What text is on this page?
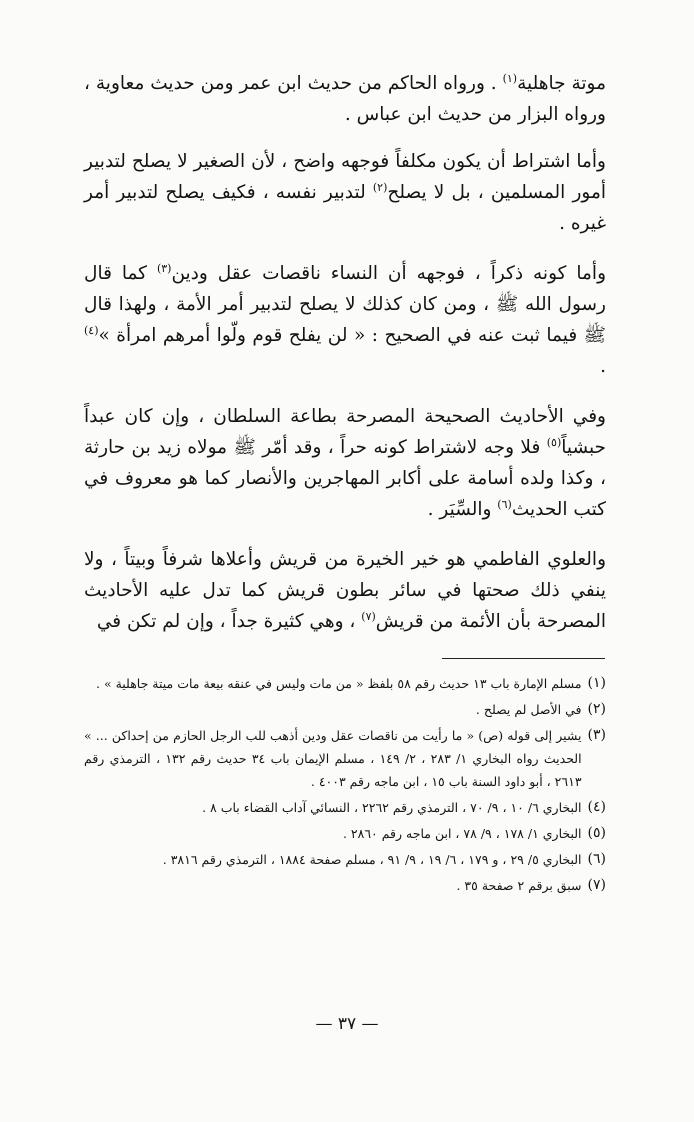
موتة جاهلية$^{(١)}$ . ورواه الحاكم من حديث ابن عمر ومن حديث معاوية ، ورواه البزار من حديث ابن عباس .

وأما اشتراط أن يكون مكلفاً فوجهه واضح ، لأن الصغير لا يصلح لتدبير أمور المسلمين ، بل لا يصلح$^{(٢)}$ لتدبير نفسه ، فكيف يصلح لتدبير أمر غيره .

وأما كونه ذكراً ، فوجهه أن النساء ناقصات عقل ودين$^{(٣)}$ كما قال رسول الله ﷺ ، ومن كان كذلك لا يصلح لتدبير أمر الأمة ، ولهذا قال ﷺ فيما ثبت عنه في الصحيح : « لن يفلح قوم ولّوا أمرهم امرأة »$^{(٤)}$ .

وفي الأحاديث الصحيحة المصرحة بطاعة السلطان ، وإن كان عبداً حبشياً$^{(٥)}$ فلا وجه لاشتراط كونه حراً ، وقد أمّر ﷺ مولاه زيد بن حارثة ، وكذا ولده أسامة على أكابر المهاجرين والأنصار كما هو معروف في كتب الحديث$^{(٦)}$ والسِّيَر .

والعلوي الفاطمي هو خير الخيرة من قريش وأعلاها شرفاً وبيتاً ، ولا ينفي ذلك صحتها في سائر بطون قريش كما تدل عليه الأحاديث المصرحة بأن الأئمة من قريش$^{(٧)}$ ، وهي كثيرة جداً ، وإن لم تكن في

(١)
مسلم الإمارة باب ١٣ حديث رقم ٥٨ بلفظ « من مات وليس في عنقه بيعة مات ميتة جاهلية » .
(٢)
في الأصل لم يصلح .
(٣)
يشير إلى قوله (ص) « ما رأيت من ناقصات عقل ودين أذهب للب الرجل الحازم من إحداكن ... » الحديث رواه البخاري ١/ ٢٨٣ ، ٢/ ١٤٩ ، مسلم الإيمان باب ٣٤ حديث رقم ١٣٢ ، الترمذي رقم ٢٦١٣ ، أبو داود السنة باب ١٥ ، ابن ماجه رقم ٤٠٠٣ .
(٤)
البخاري ٦/ ١٠ ، ٩/ ٧٠ ، الترمذي رقم ٢٢٦٢ ، النسائي آداب القضاء باب ٨ .
(٥)
البخاري ١/ ١٧٨ ، ٩/ ٧٨ ، ابن ماجه رقم ٢٨٦٠ .
(٦)
البخاري ٥/ ٢٩ ، و ١٧٩ ، ٦/ ١٩ ، ٩/ ٩١ ، مسلم صفحة ١٨٨٤ ، الترمذي رقم ٣٨١٦ .
(٧)
سبق برقم ٢ صفحة ٣٥ .
— ٣٧ —
